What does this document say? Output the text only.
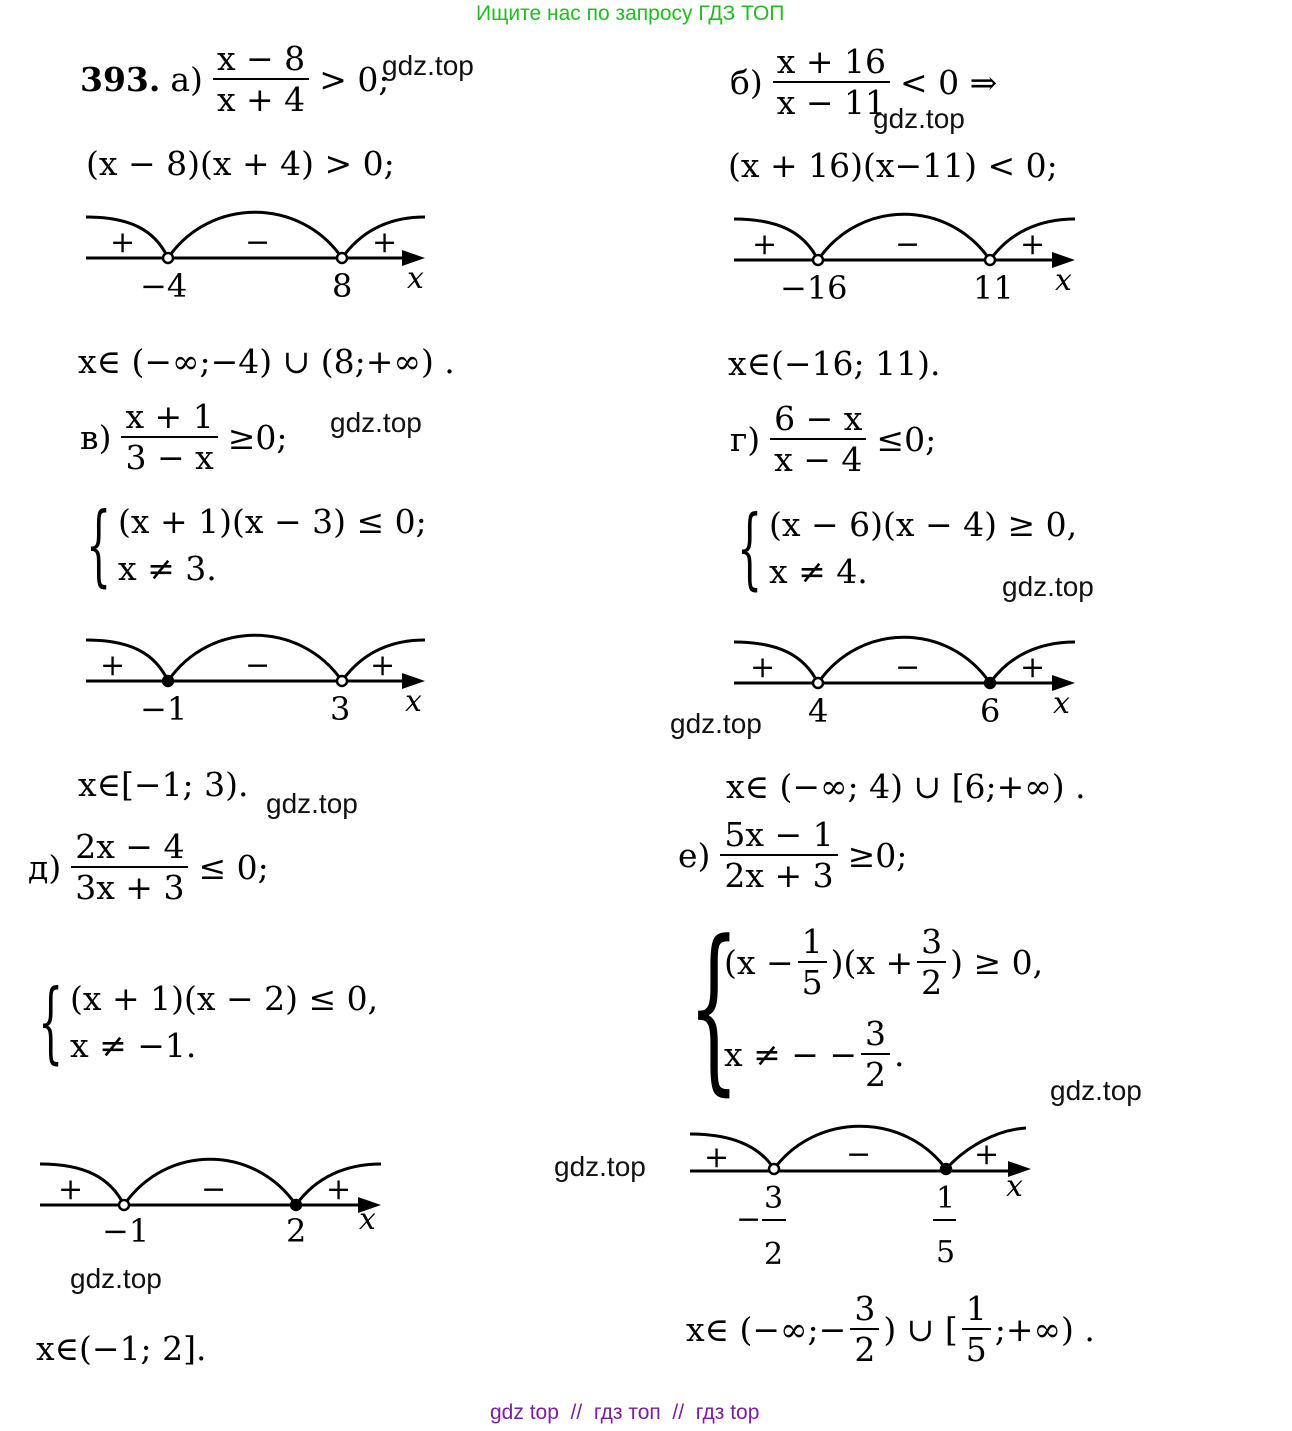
Ищите нас по запросу ГДЗ ТОП
393. $а) \frac{x - 8}{x + 4} > 0$;
gdz.top
(x − 8)(x + 4) > 0;
+	−	+
−4	8 x
x∈ (−∞;−4) ∪ (8;+∞) .
$б) \frac{x + 16}{x - 11} < 0$ ⇒
gdz.top
(x + 16)(x−11) < 0;
+	−	+
−16	11 x
x∈(−16; 11).
$в) \frac{x + 1}{3 - x} \ge 0$; gdz.top
{ (x + 1)(x − 3) ≤ 0;
x ≠ 3.
+	−	+
−1	3 x
x∈[−1; 3). gdz.top
$г) \frac{6 - x}{x - 4} \le 0$;
{ (x − 6)(x − 4) ≥ 0,
x ≠ 4.	gdz.top
+	−	+
4	6 x
gdz.top
x∈ (−∞; 4) ∪ [6;+∞) .
$д) \frac{2x - 4}{3x + 3} \le 0$;
{ (x + 1)(x − 2) ≤ 0,
x ≠ −1.
+	−	+
−1	2 x
gdz.top
x∈(−1; 2].
$е) \frac{5x - 1}{2x + 3} \ge 0$;
{
$(x - \frac{1}{5} )(x + \frac{3}{2}$ ) ≥ 0,
x ≠ − − $\frac{3}{2}$ .
gdz.top
gdz.top +	−	+
x
−
3
2
1
5
x∈ (−∞;− $\frac{3}{2}$ ) ∪ [ $\frac{1}{5}$ ;+∞) .
gdz top  //  гдз топ  //  гдз top
